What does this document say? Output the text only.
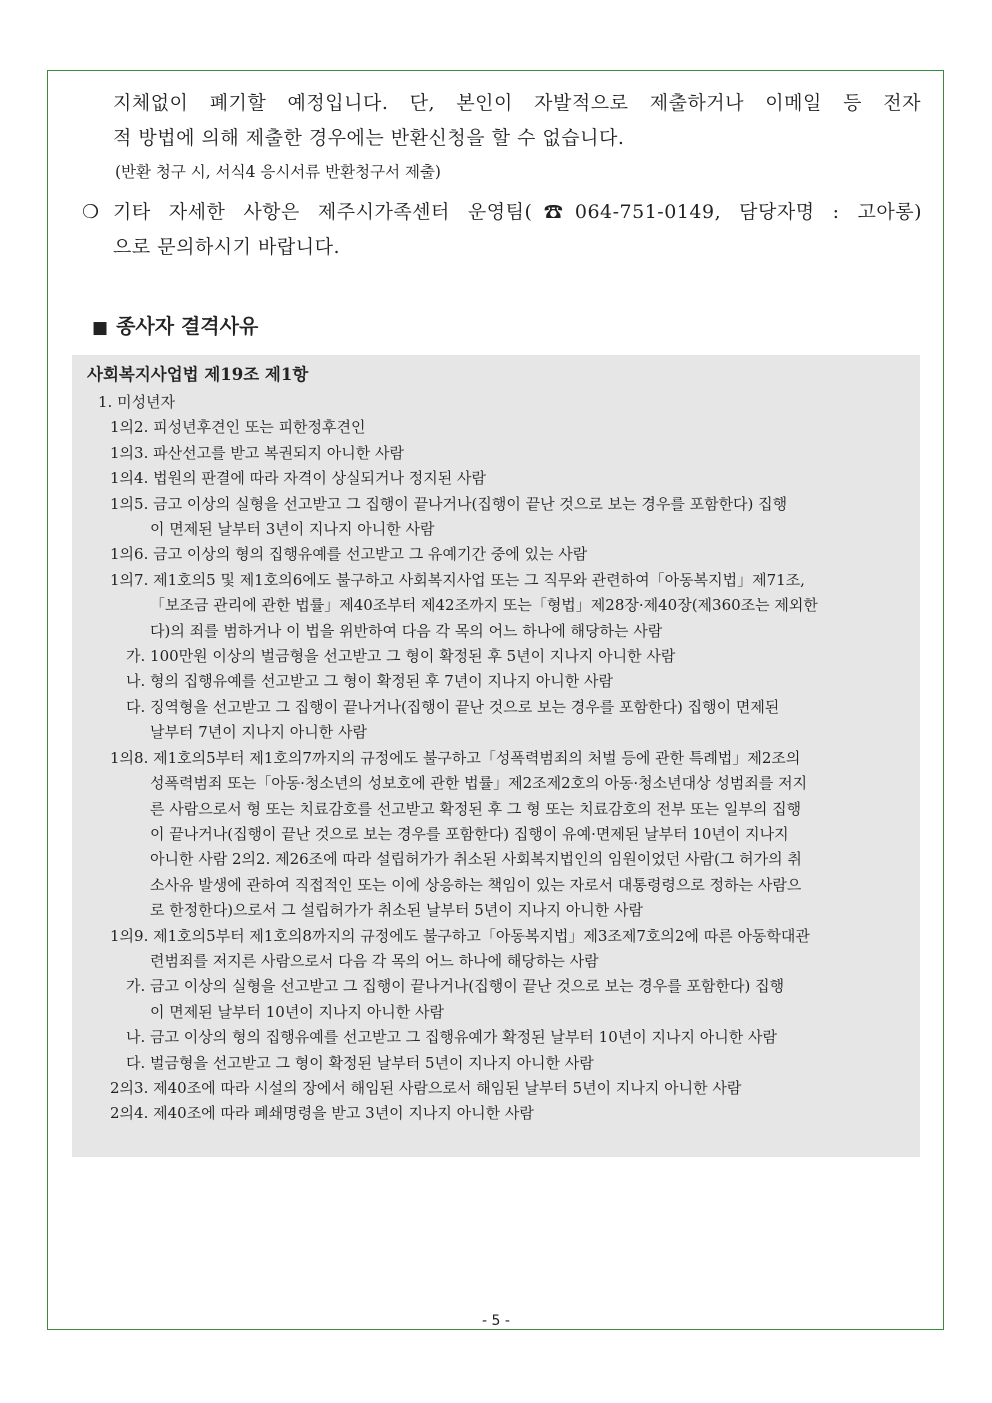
지체없이 폐기할 예정입니다. 단, 본인이 자발적으로 제출하거나 이메일 등 전자
적 방법에 의해 제출한 경우에는 반환신청을 할 수 없습니다.
(반환 청구 시, 서식4 응시서류 반환청구서 제출)
❍ 기타 자세한 사항은 제주시가족센터 운영팀(☎064-751-0149, 담당자명 : 고아롱)
으로 문의하시기 바랍니다.
■ 종사자 결격사유
사회복지사업법 제19조 제1항
1. 미성년자
1의2. 피성년후견인 또는 피한정후견인
1의3. 파산선고를 받고 복권되지 아니한 사람
1의4. 법원의 판결에 따라 자격이 상실되거나 정지된 사람
1의5. 금고 이상의 실형을 선고받고 그 집행이 끝나거나(집행이 끝난 것으로 보는 경우를 포함한다) 집행
이 면제된 날부터 3년이 지나지 아니한 사람
1의6. 금고 이상의 형의 집행유예를 선고받고 그 유예기간 중에 있는 사람
1의7. 제1호의5 및 제1호의6에도 불구하고 사회복지사업 또는 그 직무와 관련하여「아동복지법」제71조,
「보조금 관리에 관한 법률」제40조부터 제42조까지 또는「형법」제28장·제40장(제360조는 제외한
다)의 죄를 범하거나 이 법을 위반하여 다음 각 목의 어느 하나에 해당하는 사람
가. 100만원 이상의 벌금형을 선고받고 그 형이 확정된 후 5년이 지나지 아니한 사람
나. 형의 집행유예를 선고받고 그 형이 확정된 후 7년이 지나지 아니한 사람
다. 징역형을 선고받고 그 집행이 끝나거나(집행이 끝난 것으로 보는 경우를 포함한다) 집행이 면제된
날부터 7년이 지나지 아니한 사람
1의8. 제1호의5부터 제1호의7까지의 규정에도 불구하고「성폭력범죄의 처벌 등에 관한 특례법」제2조의
성폭력범죄 또는「아동·청소년의 성보호에 관한 법률」제2조제2호의 아동·청소년대상 성범죄를 저지
른 사람으로서 형 또는 치료감호를 선고받고 확정된 후 그 형 또는 치료감호의 전부 또는 일부의 집행
이 끝나거나(집행이 끝난 것으로 보는 경우를 포함한다) 집행이 유예·면제된 날부터 10년이 지나지
아니한 사람 2의2. 제26조에 따라 설립허가가 취소된 사회복지법인의 임원이었던 사람(그 허가의 취
소사유 발생에 관하여 직접적인 또는 이에 상응하는 책임이 있는 자로서 대통령령으로 정하는 사람으
로 한정한다)으로서 그 설립허가가 취소된 날부터 5년이 지나지 아니한 사람
1의9. 제1호의5부터 제1호의8까지의 규정에도 불구하고「아동복지법」제3조제7호의2에 따른 아동학대관
련범죄를 저지른 사람으로서 다음 각 목의 어느 하나에 해당하는 사람
가. 금고 이상의 실형을 선고받고 그 집행이 끝나거나(집행이 끝난 것으로 보는 경우를 포함한다) 집행
이 면제된 날부터 10년이 지나지 아니한 사람
나. 금고 이상의 형의 집행유예를 선고받고 그 집행유예가 확정된 날부터 10년이 지나지 아니한 사람
다. 벌금형을 선고받고 그 형이 확정된 날부터 5년이 지나지 아니한 사람
2의3. 제40조에 따라 시설의 장에서 해임된 사람으로서 해임된 날부터 5년이 지나지 아니한 사람
2의4. 제40조에 따라 폐쇄명령을 받고 3년이 지나지 아니한 사람
- 5 -
